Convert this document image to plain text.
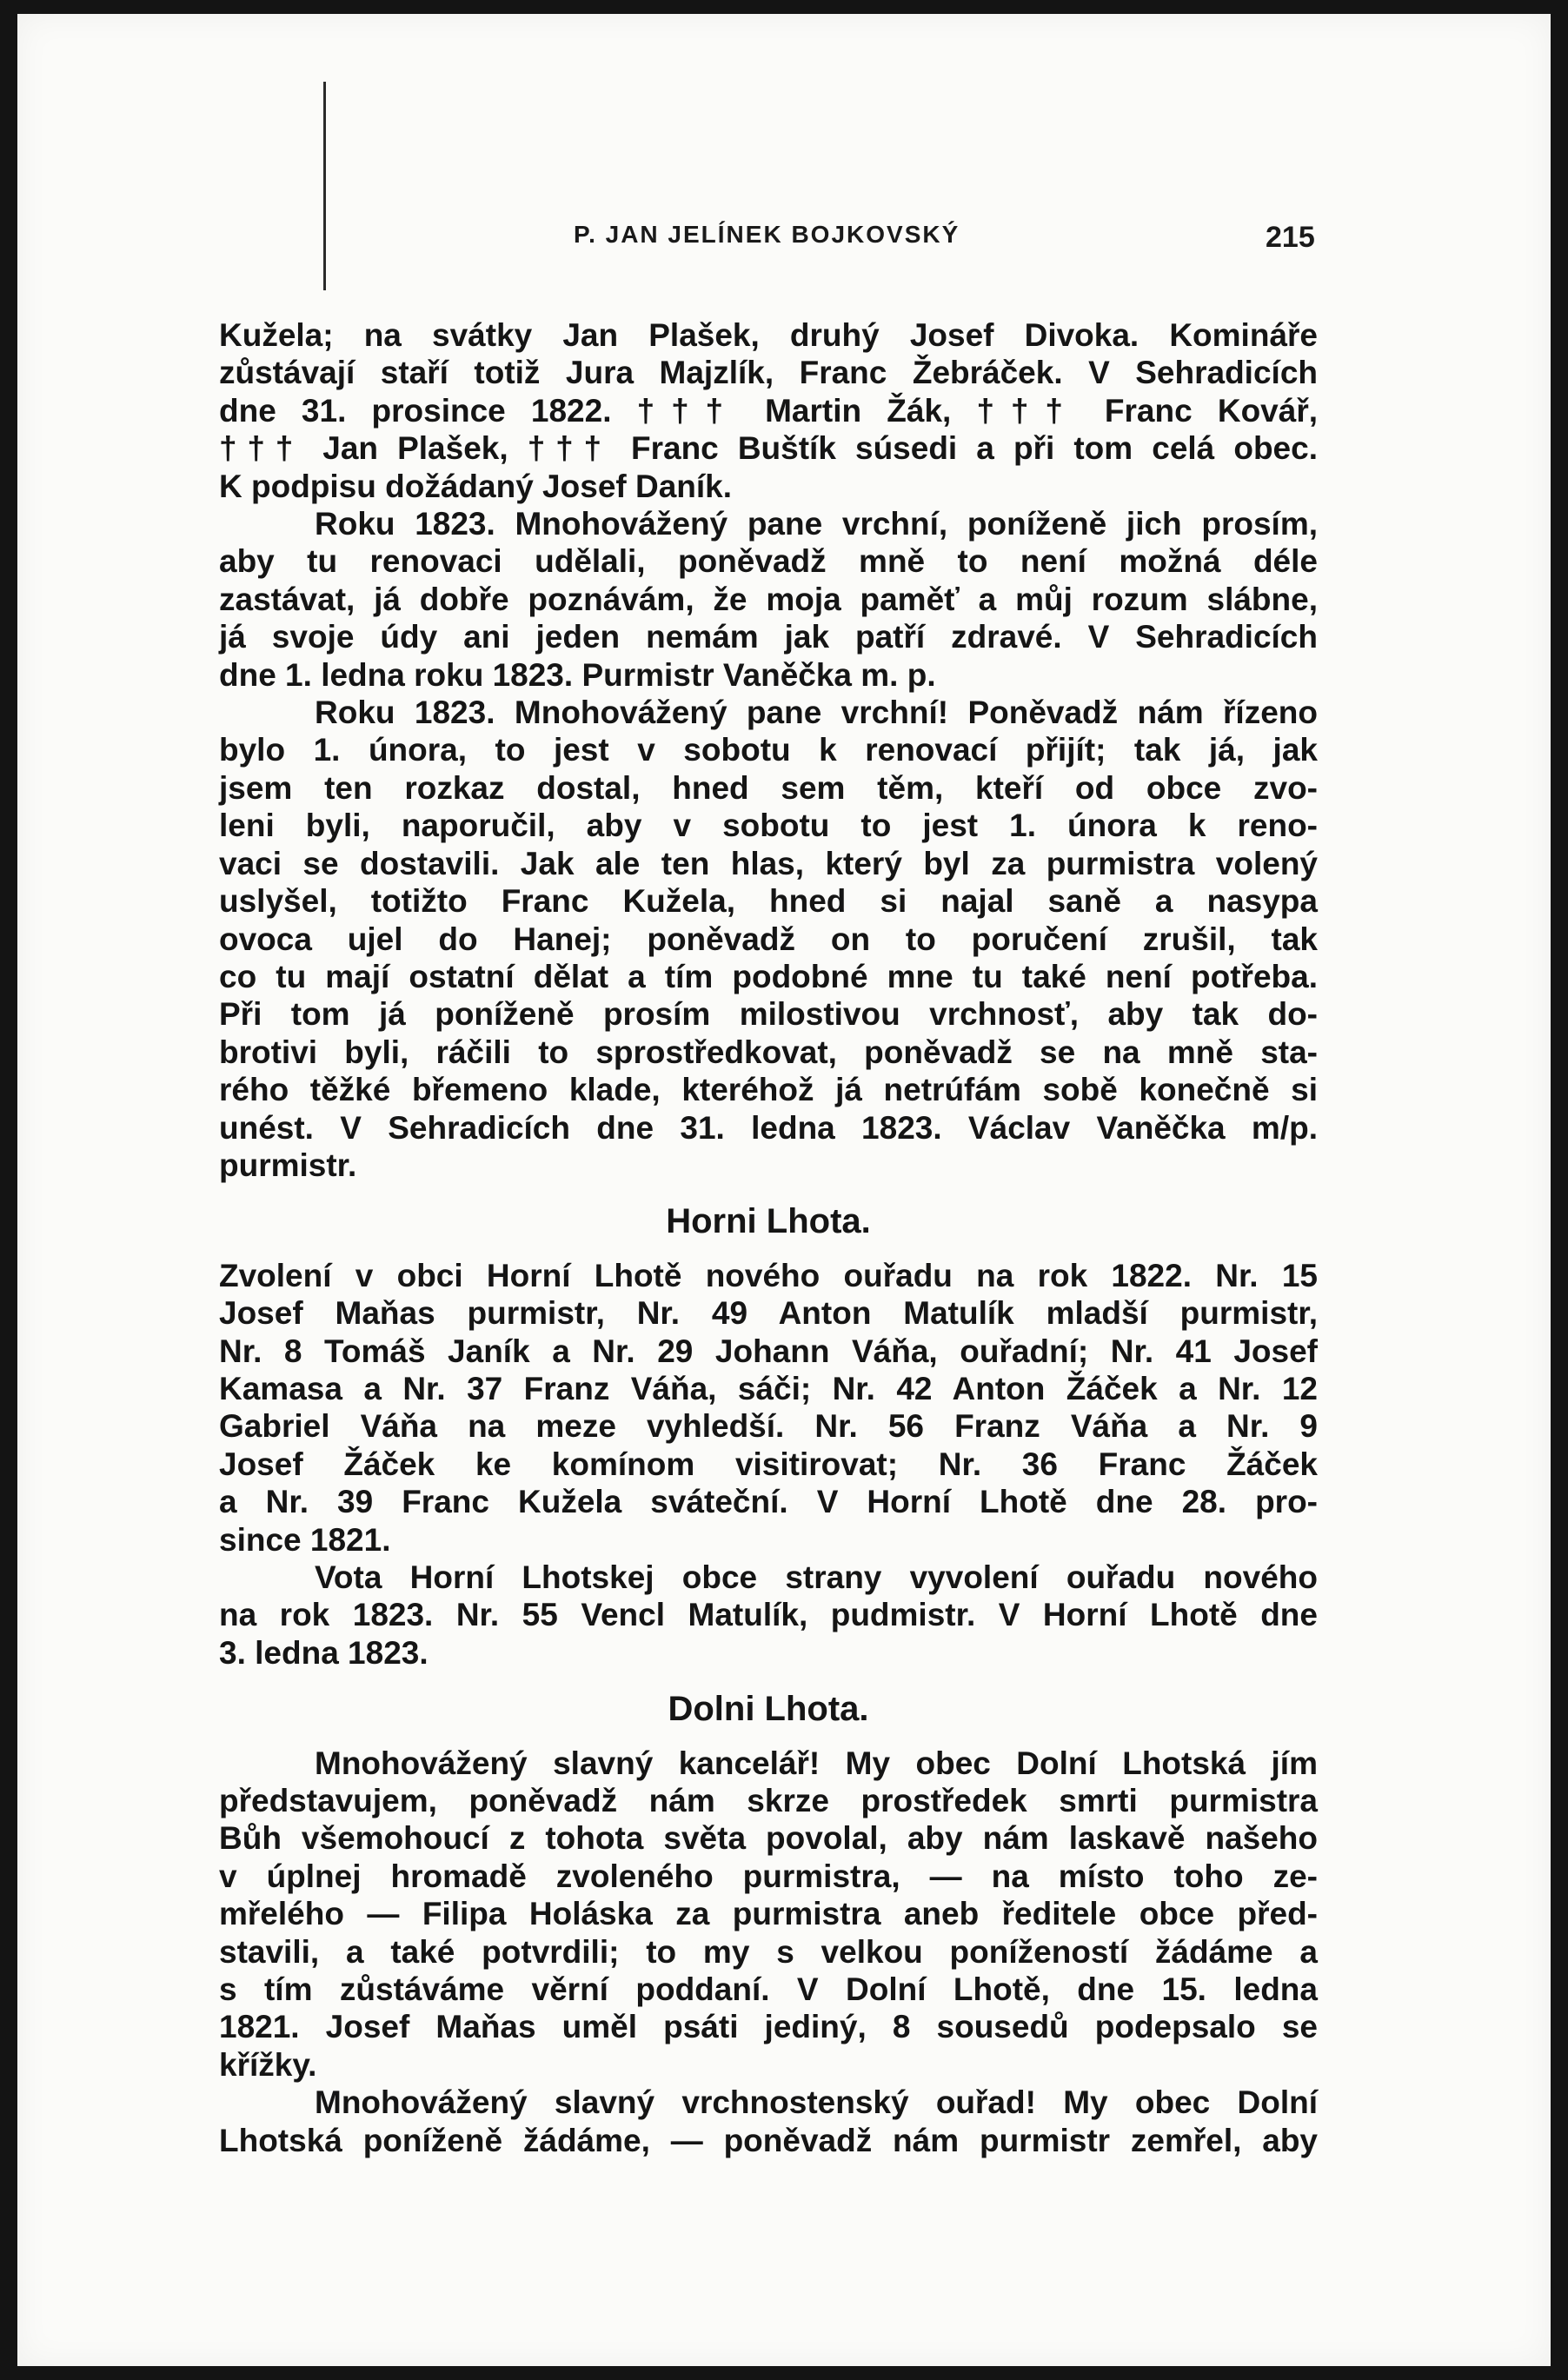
P. JAN JELÍNEK BOJKOVSKÝ	215
Kužela; na svátky Jan Plašek, druhý Josef Divoka. Kominářе
zůstávají staří totiž Jura Majzlík, Franc Žebráček. V Sehradicích
dne 31. prosince 1822. ††† Martin Žák, ††† Franc Kovář,
††† Jan Plašek, ††† Franc Buštík súsedi a při tom celá obec.
K podpisu dožádaný Josef Daník.
Roku 1823. Mnohovážený pane vrchní, poníženě jich prosím,
aby tu renovaci udělali, poněvadž mně to není možná déle
zastávat, já dobře poznávám, že moja paměť a můj rozum slábne,
já svoje údy ani jeden nemám jak patří zdravé. V Sehradicích
dne 1. ledna roku 1823. Purmistr Vaněčka m. p.
Roku 1823. Mnohovážený pane vrchní! Poněvadž nám řízeno
bylo 1. února, to jest v sobotu k renovací přijít; tak já, jak
jsem ten rozkaz dostal, hned sem těm, kteří od obce zvo-
leni byli, naporučil, aby v sobotu to jest 1. února k reno-
vaci se dostavili. Jak ale ten hlas, který byl za purmistra volený
uslyšel, totižto Franc Kužela, hned si najal saně a nasypa
ovoca ujel do Hanej; poněvadž on to poručení zrušil, tak
co tu mají ostatní dělat a tím podobné mne tu také není potřeba.
Při tom já poníženě prosím milostivou vrchnosť, aby tak do-
brotivi byli, ráčili to sprostředkovat, poněvadž se na mně sta-
rého těžké břemeno klade, kteréhož já netrúfám sobě konečně si
unést. V Sehradicích dne 31. ledna 1823. Václav Vaněčka m/p.
purmistr.
Horni Lhota.
Zvolení v obci Horní Lhotě nového ouřadu na rok 1822. Nr. 15
Josef Maňas purmistr, Nr. 49 Anton Matulík mladší purmistr,
Nr. 8 Tomáš Janík a Nr. 29 Johann Váňa, ouřadní; Nr. 41 Josef
Kamasa a Nr. 37 Franz Váňa, sáči; Nr. 42 Anton Žáček a Nr. 12
Gabriel Váňa na meze vyhledší. Nr. 56 Franz Váňa a Nr. 9
Josef Žáček ke komínom visitirovat; Nr. 36 Franc Žáček
a Nr. 39 Franc Kužela sváteční. V Horní Lhotě dne 28. pro-
since 1821.
Vota Horní Lhotskej obce strany vyvolení ouřadu nového
na rok 1823. Nr. 55 Vencl Matulík, pudmistr. V Horní Lhotě dne
3. ledna 1823.
Dolni Lhota.
Mnohovážený slavný kancelář! My obec Dolní Lhotská jím
představujem, poněvadž nám skrze prostředek smrti purmistra
Bůh všemohoucí z tohota světa povolal, aby nám laskavě našeho
v úplnej hromadě zvoleného purmistra, — na místo toho ze-
mřelého — Filipa Holáska za purmistra aneb ředitele obce před-
stavili, a také potvrdili; to my s velkou ponížeností žádáme a
s tím zůstáváme věrní poddaní. V Dolní Lhotě, dne 15. ledna
1821. Josef Maňas uměl psáti jediný, 8 sousedů podepsalo se
křížky.
Mnohovážený slavný vrchnostenský ouřad! My obec Dolní
Lhotská poníženě žádáme, — poněvadž nám purmistr zemřel, aby
